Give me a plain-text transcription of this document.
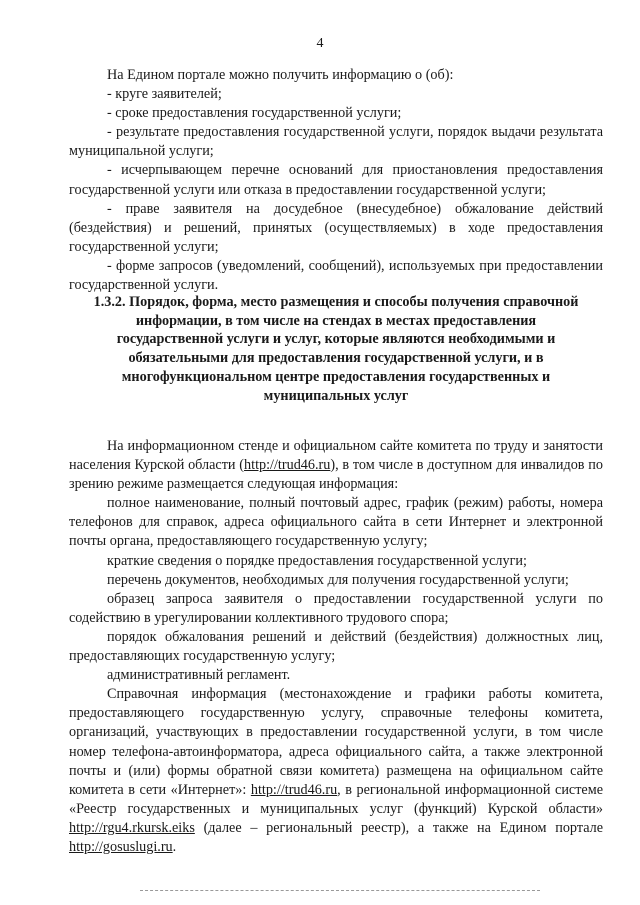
4

На Едином портале можно получить информацию о (об):

- круге заявителей;

- сроке предоставления государственной услуги;

- результате предоставления государственной услуги, порядок выдачи результата муниципальной услуги;

- исчерпывающем перечне оснований для приостановления предоставления государственной услуги или отказа в предоставлении государственной услуги;

- праве заявителя на досудебное (внесудебное) обжалование действий (бездействия) и решений, принятых (осуществляемых) в ходе предоставления государственной услуги;

- форме запросов (уведомлений, сообщений), используемых при предоставлении государственной услуги.

1.3.2. Порядок, форма, место размещения и способы получения справочной
информации, в том числе на стендах в местах предоставления
государственной услуги и услуг, которые являются необходимыми и
обязательными для предоставления государственной услуги, и в
многофункциональном центре предоставления государственных и
муниципальных услуг

На информационном стенде и официальном сайте комитета по труду и занятости населения Курской области (http://trud46.ru), в том числе в доступном для инвалидов по зрению режиме размещается следующая информация:

полное наименование, полный почтовый адрес, график (режим) работы, номера телефонов для справок, адреса официального сайта в сети Интернет и электронной почты органа, предоставляющего государственную услугу;

краткие сведения о порядке предоставления государственной услуги;

перечень документов, необходимых для получения государственной услуги;

образец запроса заявителя о предоставлении государственной услуги по содействию в урегулировании коллективного трудового спора;

порядок обжалования решений и действий (бездействия) должностных лиц, предоставляющих государственную услугу;

административный регламент.

Справочная информация (местонахождение и графики работы комитета, предоставляющего государственную услугу, справочные телефоны комитета, организаций, участвующих в предоставлении государственной услуги, в том числе номер телефона-автоинформатора, адреса официального сайта, а также электронной почты и (или) формы обратной связи комитета) размещена на официальном сайте комитета в сети «Интернет»: http://trud46.ru, в региональной информационной системе «Реестр государственных и муниципальных услуг (функций) Курской области» http://rgu4.rkursk.eiks (далее – региональный реестр), а также на Едином портале http://gosuslugi.ru.
